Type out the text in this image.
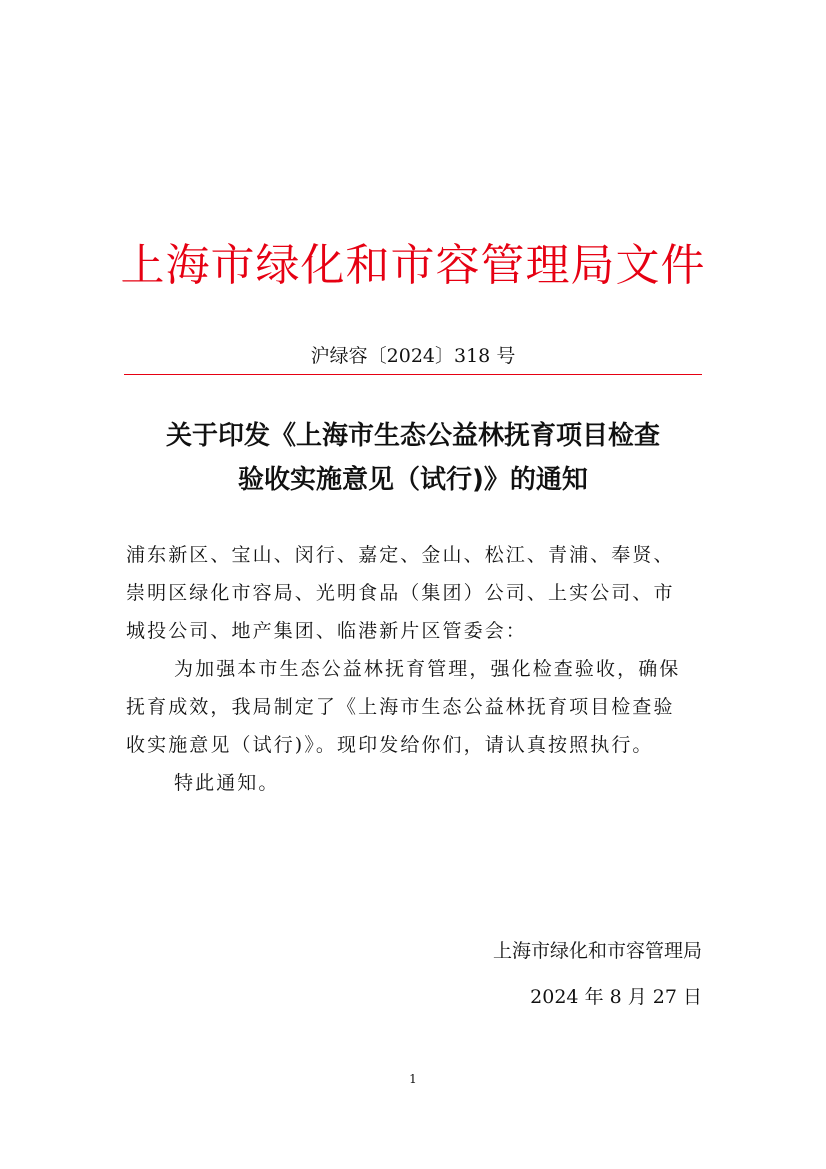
上海市绿化和市容管理局文件
沪绿容〔2024〕318 号
关于印发《上海市生态公益林抚育项目检查
验收实施意见（试行)》的通知
浦东新区、宝山、闵行、嘉定、金山、松江、青浦、奉贤、
崇明区绿化市容局、光明食品（集团）公司、上实公司、市
城投公司、地产集团、临港新片区管委会：
为加强本市生态公益林抚育管理，强化检查验收，确保
抚育成效，我局制定了《上海市生态公益林抚育项目检查验
收实施意见（试行)》。现印发给你们，请认真按照执行。
特此通知。
上海市绿化和市容管理局
2024 年 8 月 27 日
1
